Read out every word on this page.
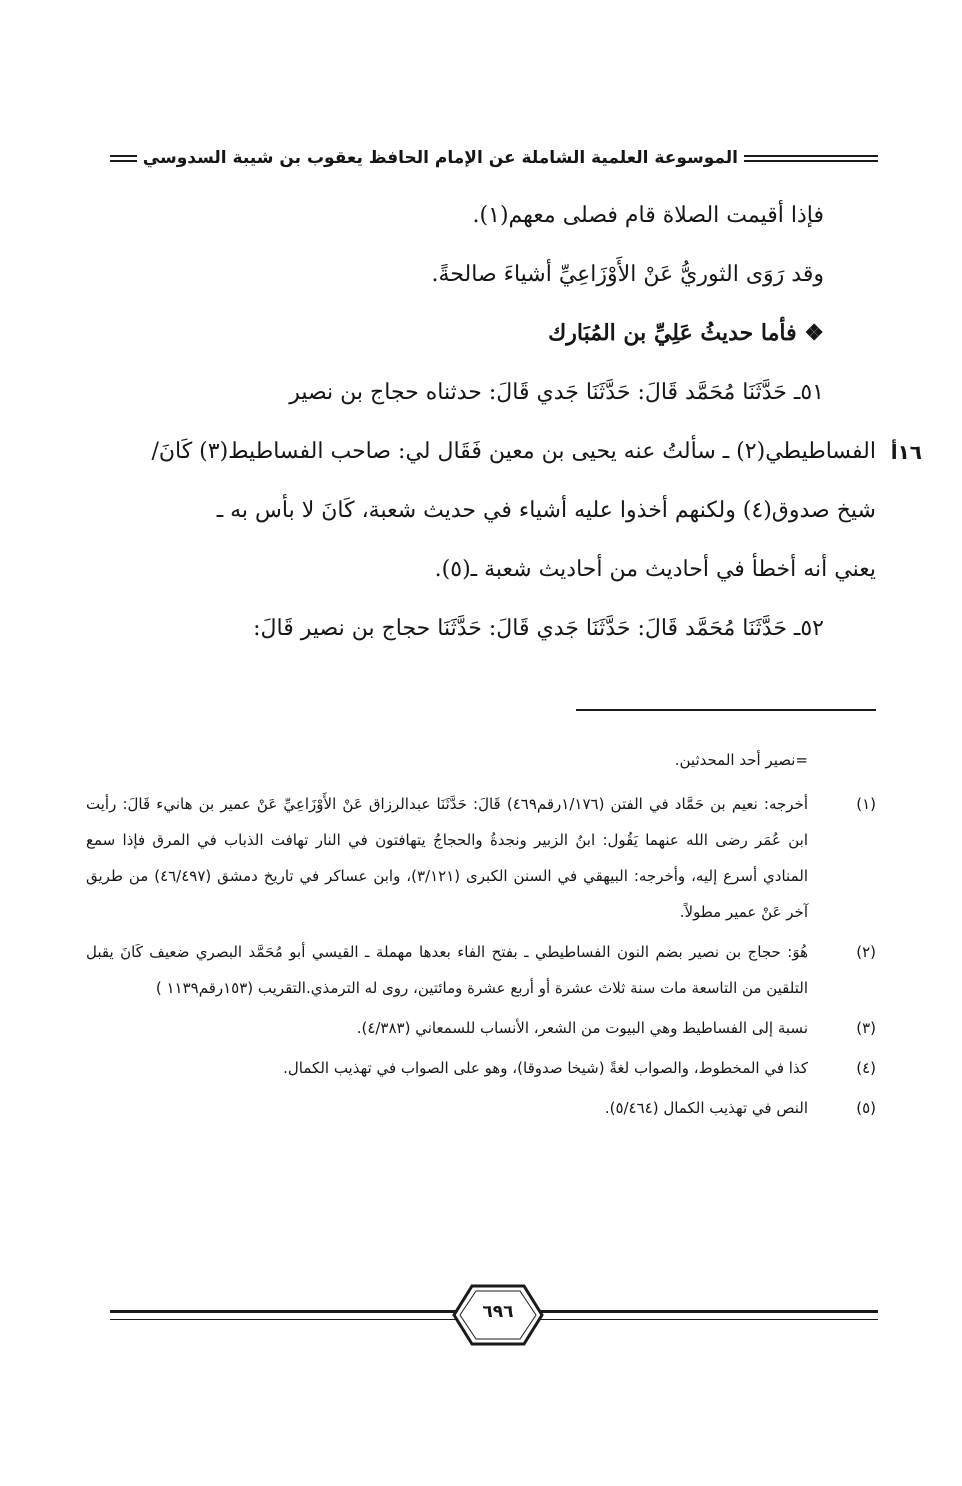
الموسوعة العلمية الشاملة عن الإمام الحافظ يعقوب بن شيبة السدوسي

فإذا أقيمت الصلاة قام فصلى معهم(١).

وقد رَوَى الثوريُّ عَنْ الأَوْزَاعِيِّ أشياءَ صالحةً.

❖ فأما حديثُ عَلِيِّ بن المُبَارك

٥١ـ حَدَّثَنَا مُحَمَّد قَالَ: حَدَّثَنَا جَدي قَالَ: حدثناه حجاج بن نصير

الفساطيطي(٢) ـ سألتُ عنه يحيى بن معين فَقَال لي: صاحب الفساطيط(٣) كَانَ/

شيخ صدوق(٤) ولكنهم أخذوا عليه أشياء في حديث شعبة، كَانَ لا بأس به ـ

يعني أنه أخطأ في أحاديث من أحاديث شعبة ـ(٥).

٥٢ـ حَدَّثَنَا مُحَمَّد قَالَ: حَدَّثَنَا جَدي قَالَ: حَدَّثَنَا حجاج بن نصير قَالَ:

١٦أ

=نصير أحد المحدثين.

(١)
أخرجه: نعيم بن حَمَّاد في الفتن (١/١٧٦رقم٤٦٩) قَالَ: حَدَّثَنَا عبدالرزاق عَنْ الأَوْزَاعِيِّ عَنْ عمير بن هانيء قَالَ: رأيت ابن عُمَر رضى الله عنهما يَقُول: ابنُ الزبير ونجدةُ والحجاجُ يتهافتون في النار تهافت الذباب في المرق فإذا سمع المنادي أسرع إليه، وأخرجه: البيهقي في السنن الكبرى (٣/١٢١)، وابن عساكر في تاريخ دمشق (٤٦/٤٩٧) من طريق آخر عَنْ عمير مطولاً.
(٢)
هُوَ: حجاج بن نصير بضم النون الفساطيطي ـ بفتح الفاء بعدها مهملة ـ القيسي أبو مُحَمَّد البصري ضعيف كَانَ يقبل التلقين من التاسعة مات سنة ثلاث عشرة أو أربع عشرة ومائتين، روى له الترمذي.التقريب (١٥٣رقم١١٣٩ )
(٣)
نسبة إلى الفساطيط وهي البيوت من الشعر، الأنساب للسمعاني (٤/٣٨٣).
(٤)
كذا في المخطوط، والصواب لغةً (شيخا صدوقا)، وهو على الصواب في تهذيب الكمال.
(٥)
النص في تهذيب الكمال (٥/٤٦٤).
٦٩٦
